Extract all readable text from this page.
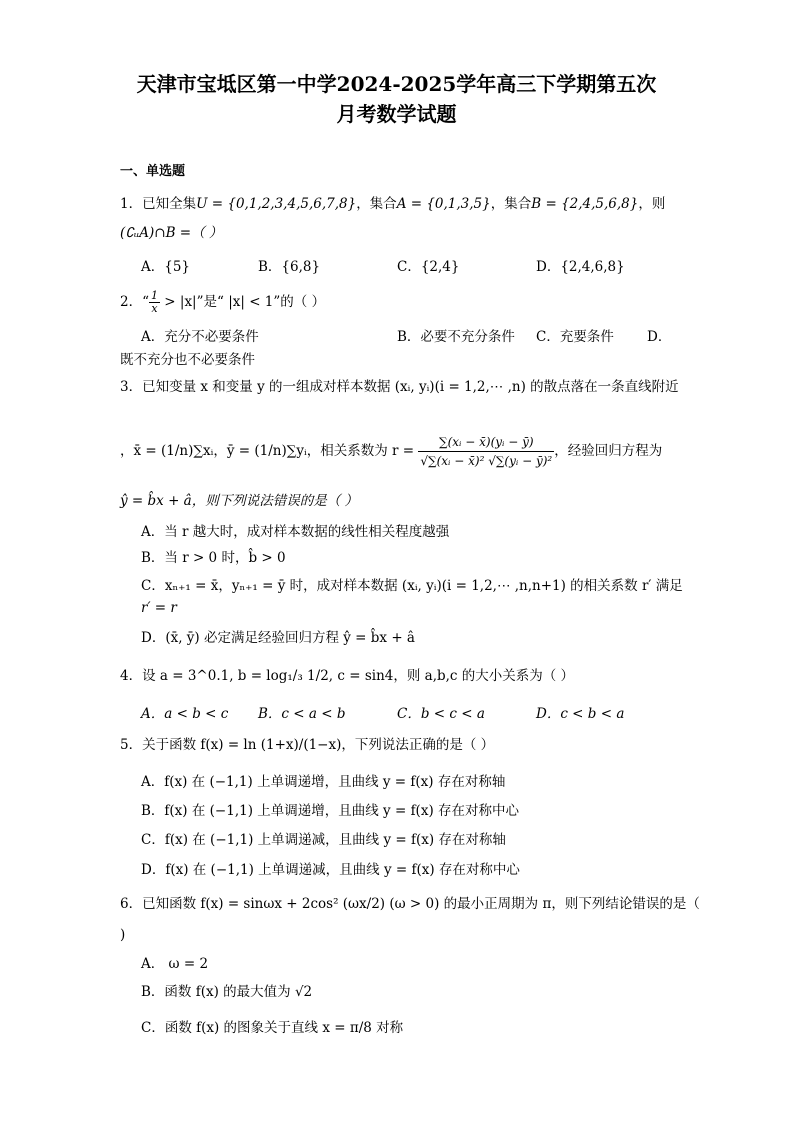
天津市宝坻区第一中学2024-2025学年高三下学期第五次
月考数学试题
一、单选题
1．已知全集U = {0,1,2,3,4,5,6,7,8}，集合A = {0,1,3,5}，集合B = {2,4,5,6,8}，则
(∁ᵤA)∩B =（ ）
A．{5}	B．{6,8}	C．{2,4}	D．{2,4,6,8}
2．“ $\frac{1}{x} > |x|$”是“ |x| < 1”的（ ）
A．充分不必要条件	B．必要不充分条件 C．充要条件 D．
既不充分也不必要条件
3．已知变量 x 和变量 y 的一组成对样本数据 (xᵢ, yᵢ)(i = 1,2,⋯ ,n) 的散点落在一条直线附近
，x̄ = (1/n)∑xᵢ，ȳ = (1/n)∑yᵢ，相关系数为 $r = \frac{\text{∑(xᵢ − x̄)(yᵢ − ȳ)}}{\text{√∑(xᵢ − x̄)² √∑(yᵢ − ȳ)²}}$ ，经验回归方程为
ŷ = b̂x + â，则下列说法错误的是（ ）
A．当 r 越大时，成对样本数据的线性相关程度越强
B．当 r > 0 时，b̂ > 0
C．xₙ₊₁ = x̄，yₙ₊₁ = ȳ 时，成对样本数据 (xᵢ, yᵢ)(i = 1,2,⋯ ,n,n+1) 的相关系数 r′ 满足
r′ = r
D．(x̄, ȳ) 必定满足经验回归方程 ŷ = b̂x + â
4．设 a = 3^0.1, b = log₁/₃ 1/2, c = sin4，则 a,b,c 的大小关系为（ ）
A．a < b < c B．c < a < b	C．b < c < a	D．c < b < a
5．关于函数 f(x) = ln (1+x)/(1−x)，下列说法正确的是（ ）
A．f(x) 在 (−1,1) 上单调递增，且曲线 y = f(x) 存在对称轴
B．f(x) 在 (−1,1) 上单调递增，且曲线 y = f(x) 存在对称中心
C．f(x) 在 (−1,1) 上单调递减，且曲线 y = f(x) 存在对称轴
D．f(x) 在 (−1,1) 上单调递减，且曲线 y = f(x) 存在对称中心
6．已知函数 f(x) = sinωx + 2cos² (ωx/2) (ω > 0) 的最小正周期为 π，则下列结论错误的是（
)
A． ω = 2
B．函数 f(x) 的最大值为 √2
C．函数 f(x) 的图象关于直线 x = π/8 对称
